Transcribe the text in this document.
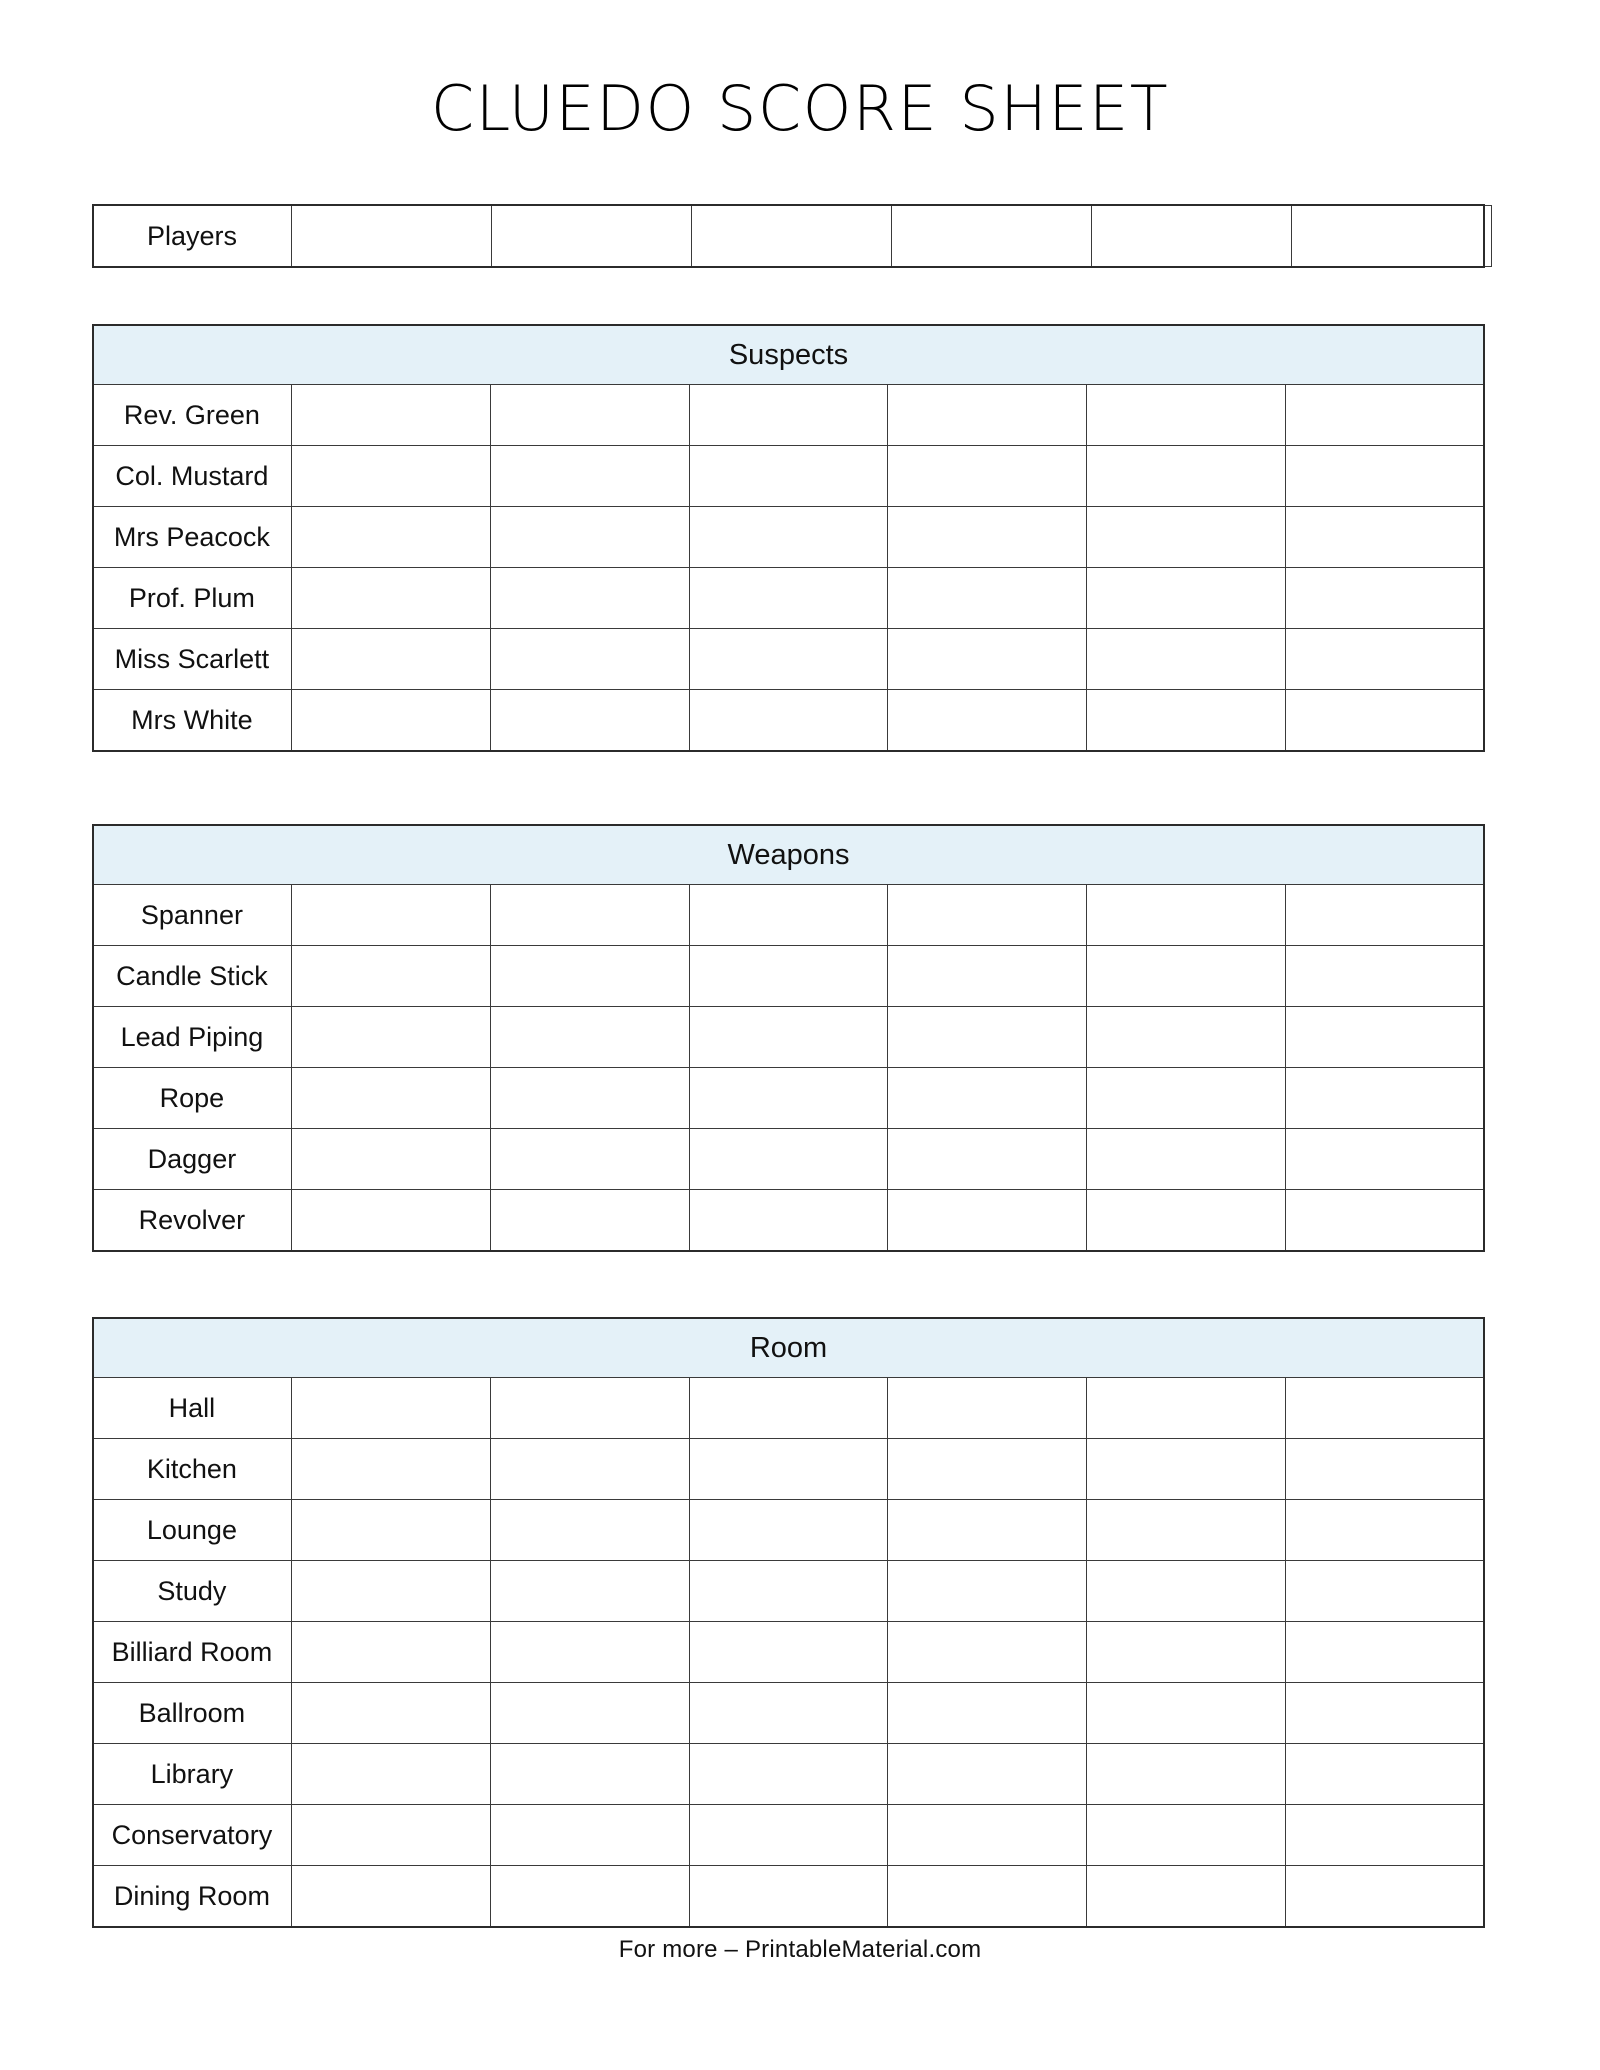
CLUEDO SCORE SHEET
Players						
Suspects						
Rev. Green						
Col. Mustard						
Mrs Peacock						
Prof. Plum						
Miss Scarlett						
Mrs White						
Weapons						
Spanner						
Candle Stick						
Lead Piping						
Rope						
Dagger						
Revolver						
Room						
Hall						
Kitchen						
Lounge						
Study						
Billiard Room						
Ballroom						
Library						
Conservatory						
Dining Room						
For more – PrintableMaterial.com
